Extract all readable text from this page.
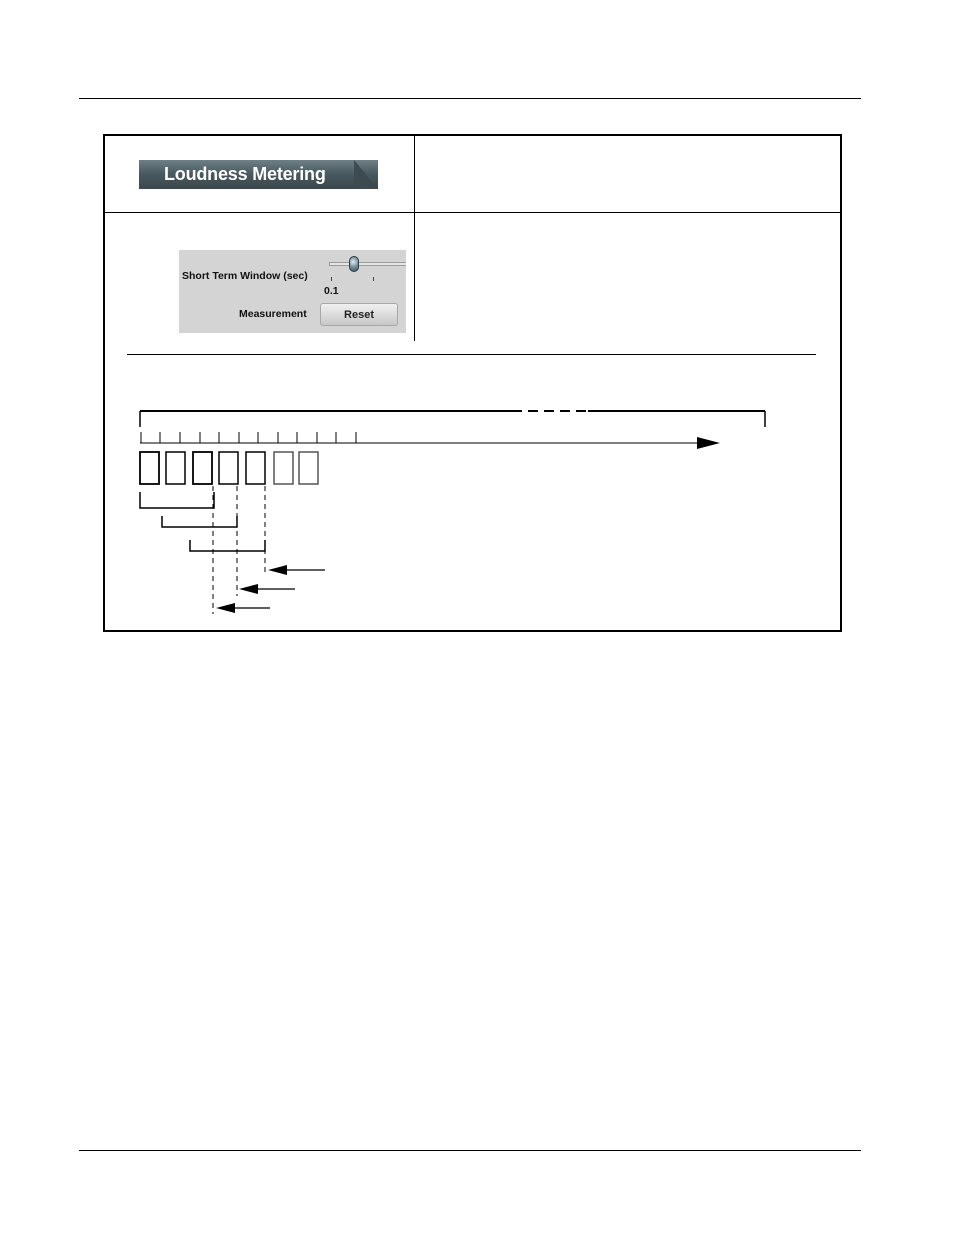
Loudness Metering
Short Term Window (sec)
0.1
Measurement	Reset
